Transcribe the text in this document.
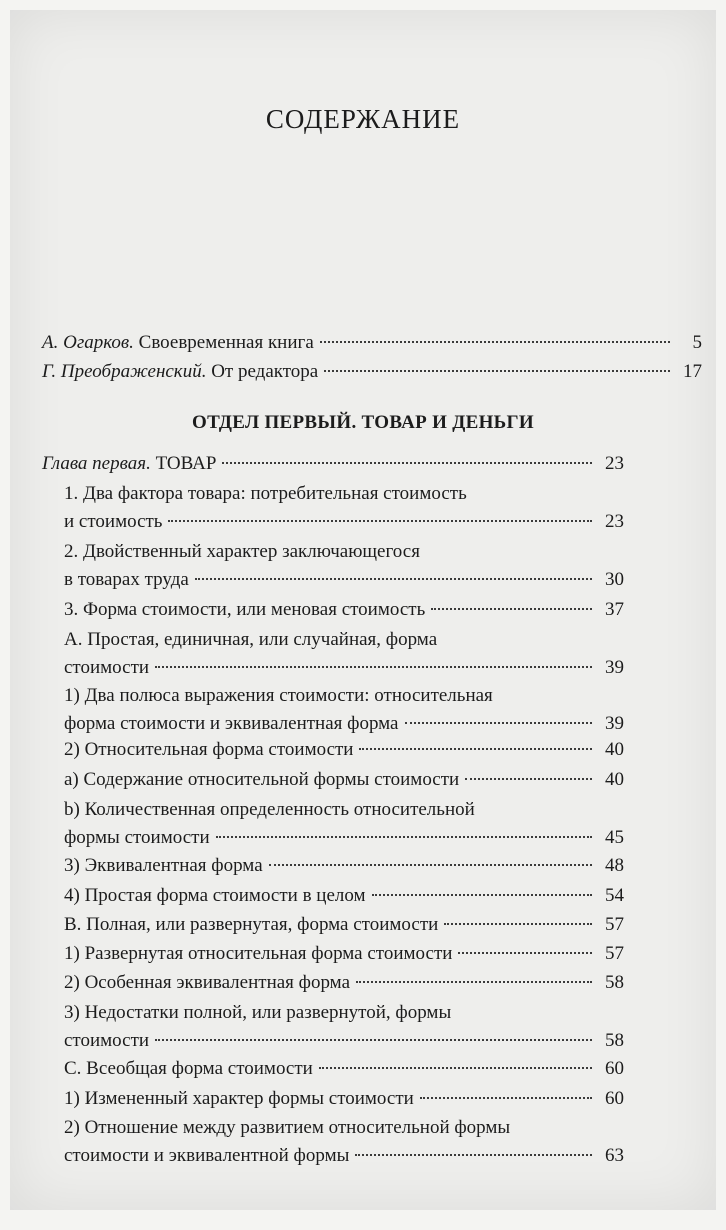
СОДЕРЖАНИЕ
А. Огарков. Своевременная книга	5
Г. Преображенский. От редактора	17
ОТДЕЛ ПЕРВЫЙ. ТОВАР И ДЕНЬГИ
Глава первая. ТОВАР	23
1. Два фактора товара: потребительная стоимость
и стоимость	23
2. Двойственный характер заключающегося
в товарах труда	30
3. Форма стоимости, или меновая стоимость	37
A. Простая, единичная, или случайная, форма
стоимости	39
1) Два полюса выражения стоимости: относительная
форма стоимости и эквивалентная форма	39
2) Относительная форма стоимости	40
a) Содержание относительной формы стоимости	40
b) Количественная определенность относительной
формы стоимости	45
3) Эквивалентная форма	48
4) Простая форма стоимости в целом	54
B. Полная, или развернутая, форма стоимости	57
1) Развернутая относительная форма стоимости	57
2) Особенная эквивалентная форма	58
3) Недостатки полной, или развернутой, формы
стоимости	58
C. Всеобщая форма стоимости	60
1) Измененный характер формы стоимости	60
2) Отношение между развитием относительной формы
стоимости и эквивалентной формы	63
